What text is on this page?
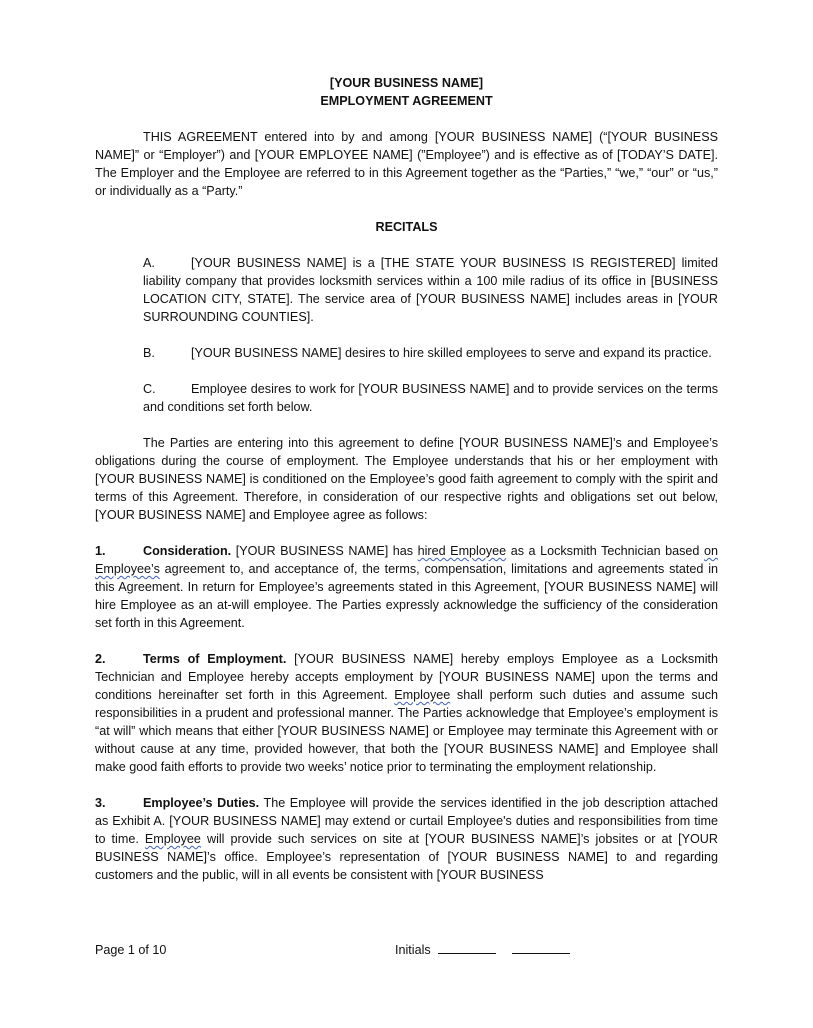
[YOUR BUSINESS NAME]

EMPLOYMENT AGREEMENT

THIS AGREEMENT entered into by and among [YOUR BUSINESS NAME] (“[YOUR BUSINESS NAME]” or “Employer”) and [YOUR EMPLOYEE NAME] (”Employee”) and is effective as of [TODAY’S DATE]. The Employer and the Employee are referred to in this Agreement together as the “Parties,” “we,” “our” or “us,” or individually as a “Party.”

RECITALS

A.	[YOUR BUSINESS NAME] is a [THE STATE YOUR BUSINESS IS REGISTERED] limited liability company that provides locksmith services within a 100 mile radius of its office in [BUSINESS LOCATION CITY, STATE]. The service area of [YOUR BUSINESS NAME] includes areas in [YOUR SURROUNDING COUNTIES].

B.	[YOUR BUSINESS NAME] desires to hire skilled employees to serve and expand its practice.

C.	Employee desires to work for [YOUR BUSINESS NAME] and to provide services on the terms and conditions set forth below.

The Parties are entering into this agreement to define [YOUR BUSINESS NAME]’s and Employee’s obligations during the course of employment. The Employee understands that his or her employment with [YOUR BUSINESS NAME] is conditioned on the Employee’s good faith agreement to comply with the spirit and terms of this Agreement. Therefore, in consideration of our respective rights and obligations set out below, [YOUR BUSINESS NAME] and Employee agree as follows:

1.	Consideration. [YOUR BUSINESS NAME] has hired Employee as a Locksmith Technician based on Employee’s agreement to, and acceptance of, the terms, compensation, limitations and agreements stated in this Agreement. In return for Employee’s agreements stated in this Agreement, [YOUR BUSINESS NAME] will hire Employee as an at-will employee. The Parties expressly acknowledge the sufficiency of the consideration set forth in this Agreement.

2.	Terms of Employment. [YOUR BUSINESS NAME] hereby employs Employee as a Locksmith Technician and Employee hereby accepts employment by [YOUR BUSINESS NAME] upon the terms and conditions hereinafter set forth in this Agreement. Employee shall perform such duties and assume such responsibilities in a prudent and professional manner. The Parties acknowledge that Employee’s employment is “at will” which means that either [YOUR BUSINESS NAME] or Employee may terminate this Agreement with or without cause at any time, provided however, that both the [YOUR BUSINESS NAME] and Employee shall make good faith efforts to provide two weeks’ notice prior to terminating the employment relationship.

3.	Employee’s Duties. The Employee will provide the services identified in the job description attached as Exhibit A. [YOUR BUSINESS NAME] may extend or curtail Employee's duties and responsibilities from time to time. Employee will provide such services on site at [YOUR BUSINESS NAME]’s jobsites or at [YOUR BUSINESS NAME]’s office. Employee’s representation of [YOUR BUSINESS NAME] to and regarding customers and the public, will in all events be consistent with [YOUR BUSINESS

Page 1 of 10	Initials
